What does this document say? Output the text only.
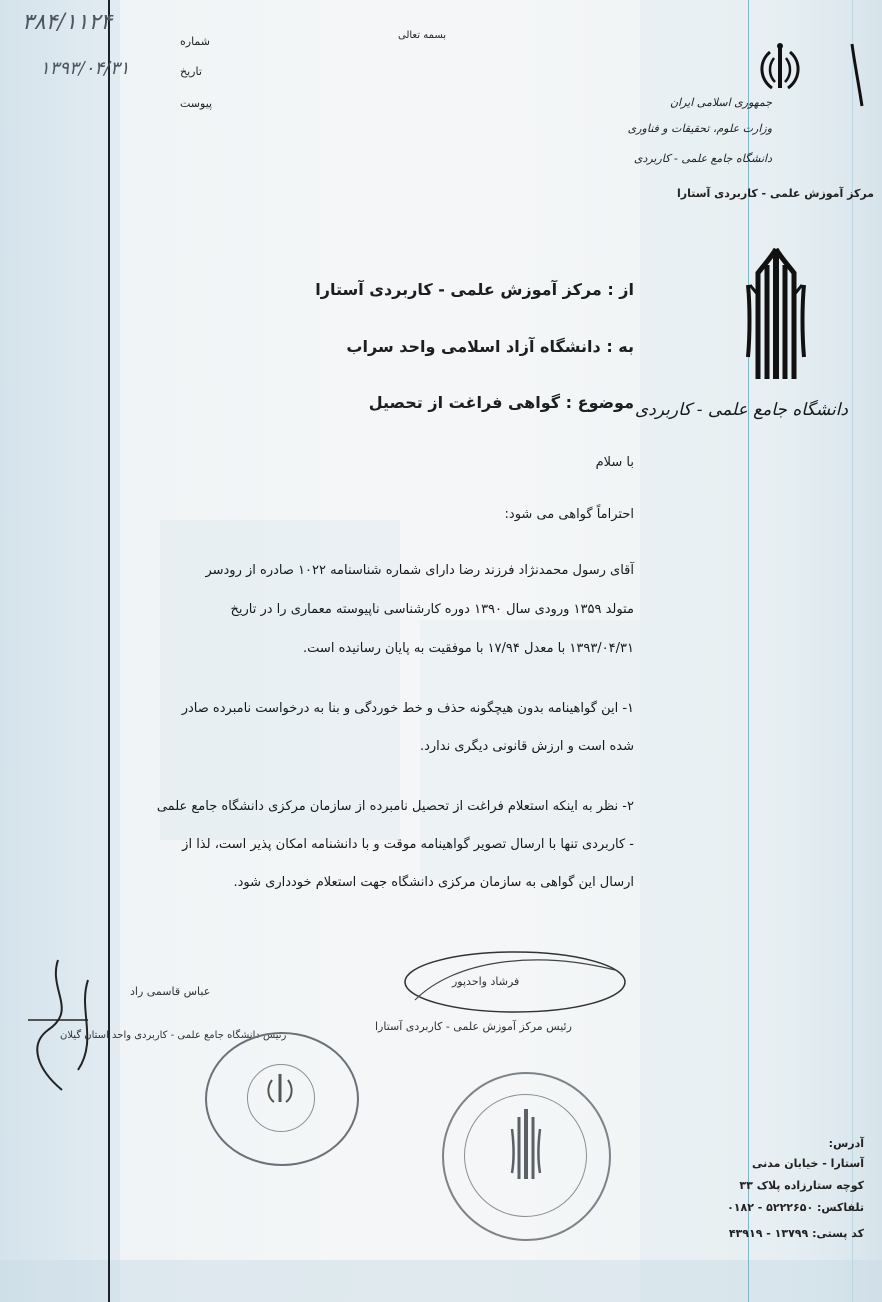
۳۸۴/۱۱۲۴
۱۳۹۳/۰۴/۳۱
شماره
تاریخ
پیوست
بسمه تعالی
جمهوری اسلامی ایران
وزارت علوم، تحقیقات و فناوری
دانشگاه جامع علمی - کاربردی
مرکز آموزش علمی - کاربردی آستارا
دانشگاه جامع علمی - کاربردی
از : مرکز آموزش علمی - کاربردی آستارا
به : دانشگاه آزاد اسلامی واحد سراب
موضوع : گواهی فراغت از تحصیل
با سلام
احتراماً گواهی می شود:
آقای رسول محمدنژاد فرزند رضا دارای شماره شناسنامه ۱۰۲۲ صادره از رودسر
متولد ۱۳۵۹ ورودی سال ۱۳۹۰ دوره کارشناسی ناپیوسته معماری را در تاریخ
۱۳۹۳/۰۴/۳۱ با معدل ۱۷/۹۴ با موفقیت به پایان رسانیده است.
۱- این گواهینامه بدون هیچگونه حذف و خط خوردگی و بنا به درخواست نامبرده صادر
شده است و ارزش قانونی دیگری ندارد.
۲- نظر به اینکه استعلام فراغت از تحصیل نامبرده از سازمان مرکزی دانشگاه جامع علمی
- کاربردی تنها با ارسال تصویر گواهینامه موقت و با دانشنامه امکان پذیر است، لذا از
ارسال این گواهی به سازمان مرکزی دانشگاه جهت استعلام خودداری شود.
فرشاد واحدپور
رئیس مرکز آموزش علمی - کاربردی آستارا
عباس قاسمی راد
رئیس دانشگاه جامع علمی - کاربردی واحد استان گیلان
آدرس:
آستارا - خیابان مدنی
کوچه ستارزاده پلاک ۳۳
تلفاکس: ۵۲۲۲۶۵۰ - ۰۱۸۲
کد پستی: ۱۳۷۹۹ - ۴۳۹۱۹
